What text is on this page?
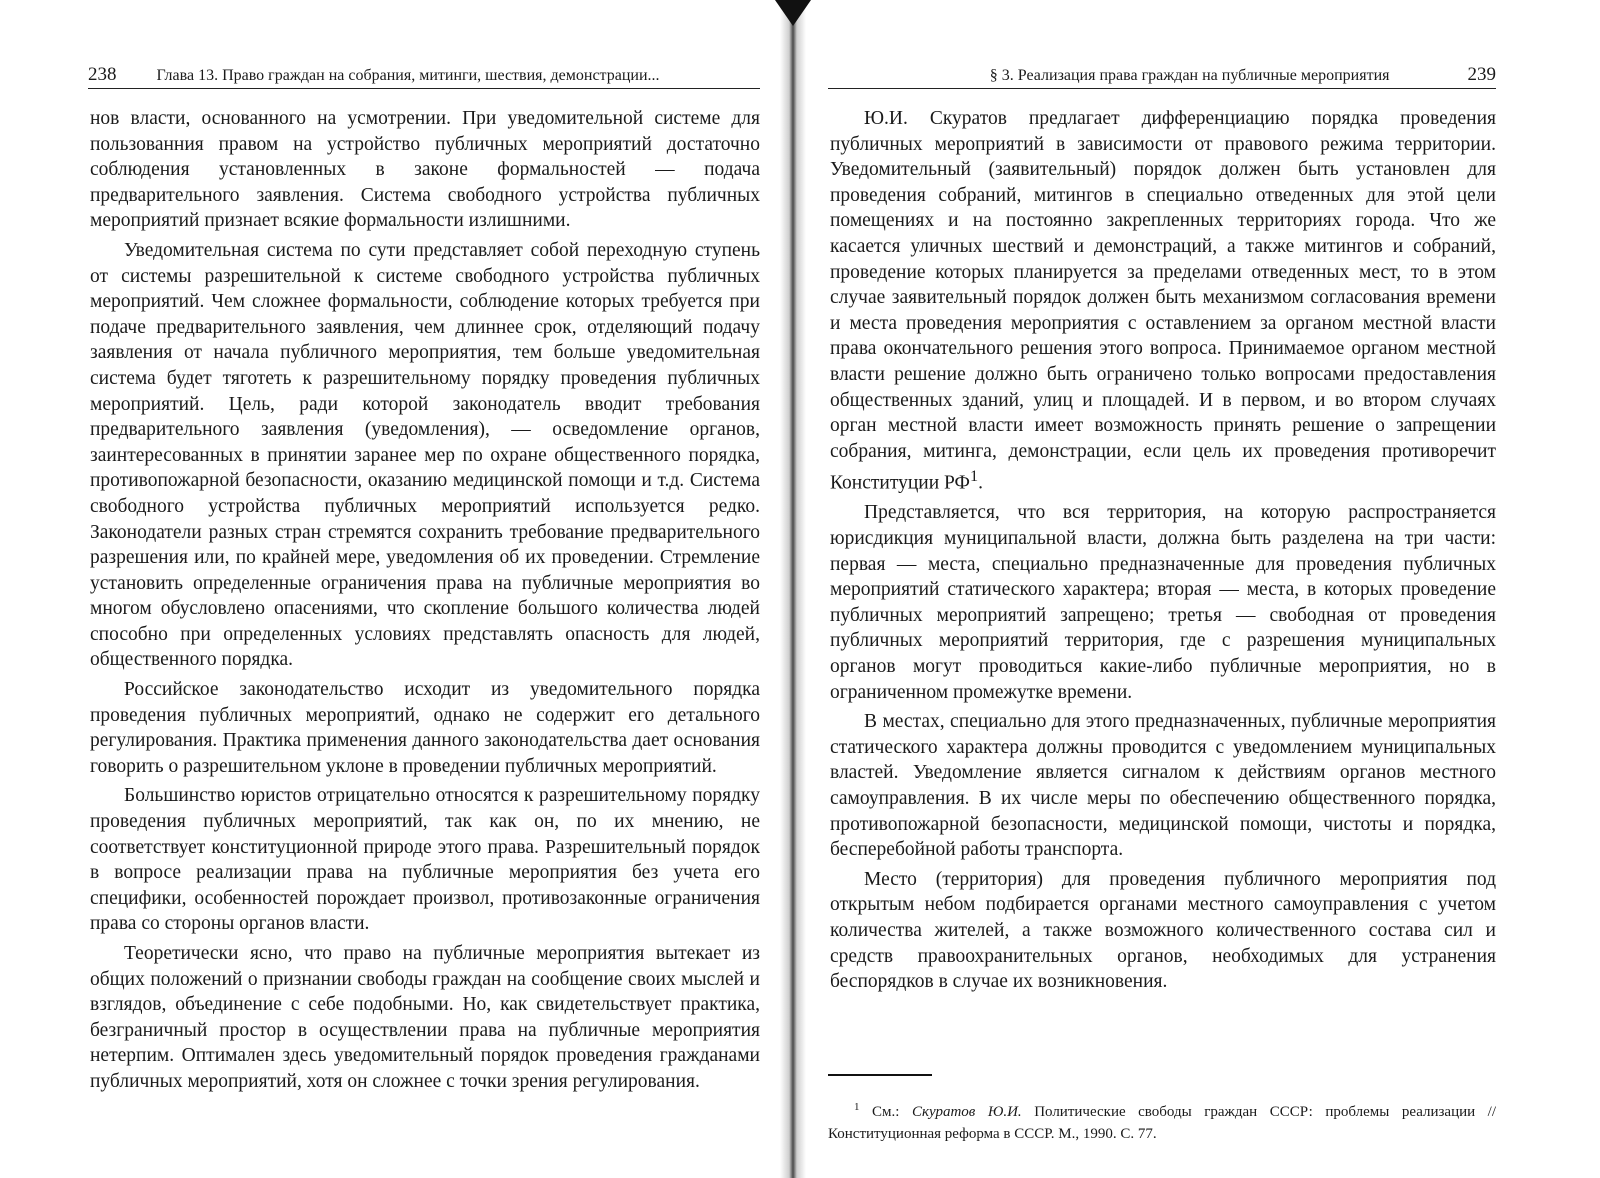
238	Глава 13. Право граждан на собрания, митинги, шествия, демонстрации...

нов власти, основанного на усмотрении. При уведомительной системе для пользованния правом на устройство публичных мероприятий достаточно соблюдения установленных в законе формальностей — подача предварительного заявления. Система свободного устройства публичных мероприятий признает всякие формальности излишними.

Уведомительная система по сути представляет собой переходную ступень от системы разрешительной к системе свободного устройства публичных мероприятий. Чем сложнее формальности, соблюдение которых требуется при подаче предварительного заявления, чем длиннее срок, отделяющий подачу заявления от начала публичного мероприятия, тем больше уведомительная система будет тяготеть к разрешительному порядку проведения публичных мероприятий. Цель, ради которой законодатель вводит требования предварительного заявления (уведомления), — осведомление органов, заинтересованных в принятии заранее мер по охране общественного порядка, противопожарной безопасности, оказанию медицинской помощи и т.д. Система свободного устройства публичных мероприятий используется редко. Законодатели разных стран стремятся сохранить требование предварительного разрешения или, по крайней мере, уведомления об их проведении. Стремление установить определенные ограничения права на публичные мероприятия во многом обусловлено опасениями, что скопление большого количества людей способно при определенных условиях представлять опасность для людей, общественного порядка.

Российское законодательство исходит из уведомительного порядка проведения публичных мероприятий, однако не содержит его детального регулирования. Практика применения данного законодательства дает основания говорить о разрешительном уклоне в проведении публичных мероприятий.

Большинство юристов отрицательно относятся к разрешительному порядку проведения публичных мероприятий, так как он, по их мнению, не соответствует конституционной природе этого права. Разрешительный порядок в вопросе реализации права на публичные мероприятия без учета его специфики, особенностей порождает произвол, противозаконные ограничения права со стороны органов власти.

Теоретически ясно, что право на публичные мероприятия вытекает из общих положений о признании свободы граждан на сообщение своих мыслей и взглядов, объединение с себе подобными. Но, как свидетельствует практика, безграничный простор в осуществлении права на публичные мероприятия нетерпим. Оптимален здесь уведомительный порядок проведения гражданами публичных мероприятий, хотя он сложнее с точки зрения регулирования.

§ 3. Реализация права граждан на публичные мероприятия	239

Ю.И. Скуратов предлагает дифференциацию порядка проведения публичных мероприятий в зависимости от правового режима территории. Уведомительный (заявительный) порядок должен быть установлен для проведения собраний, митингов в специально отведенных для этой цели помещениях и на постоянно закрепленных территориях города. Что же касается уличных шествий и демонстраций, а также митингов и собраний, проведение которых планируется за пределами отведенных мест, то в этом случае заявительный порядок должен быть механизмом согласования времени и места проведения мероприятия с оставлением за органом местной власти права окончательного решения этого вопроса. Принимаемое органом местной власти решение должно быть ограничено только вопросами предоставления общественных зданий, улиц и площадей. И в первом, и во втором случаях орган местной власти имеет возможность принять решение о запрещении собрания, митинга, демонстрации, если цель их проведения противоречит Конституции $РФ^1$.

Представляется, что вся территория, на которую распространяется юрисдикция муниципальной власти, должна быть разделена на три части: первая — места, специально предназначенные для проведения публичных мероприятий статического характера; вторая — места, в которых проведение публичных мероприятий запрещено; третья — свободная от проведения публичных мероприятий территория, где с разрешения муниципальных органов могут проводиться какие-либо публичные мероприятия, но в ограниченном промежутке времени.

В местах, специально для этого предназначенных, публичные мероприятия статического характера должны проводится с уведомлением муниципальных властей. Уведомление является сигналом к действиям органов местного самоуправления. В их числе меры по обеспечению общественного порядка, противопожарной безопасности, медицинской помощи, чистоты и порядка, бесперебойной работы транспорта.

Место (территория) для проведения публичного мероприятия под открытым небом подбирается органами местного самоуправления с учетом количества жителей, а также возможного количественного состава сил и средств правоохранительных органов, необходимых для устранения беспорядков в случае их возникновения.

$^1$ См.: Скуратов Ю.И. Политические свободы граждан СССР: проблемы реализации // Конституционная реформа в СССР. М., 1990. С. 77.
